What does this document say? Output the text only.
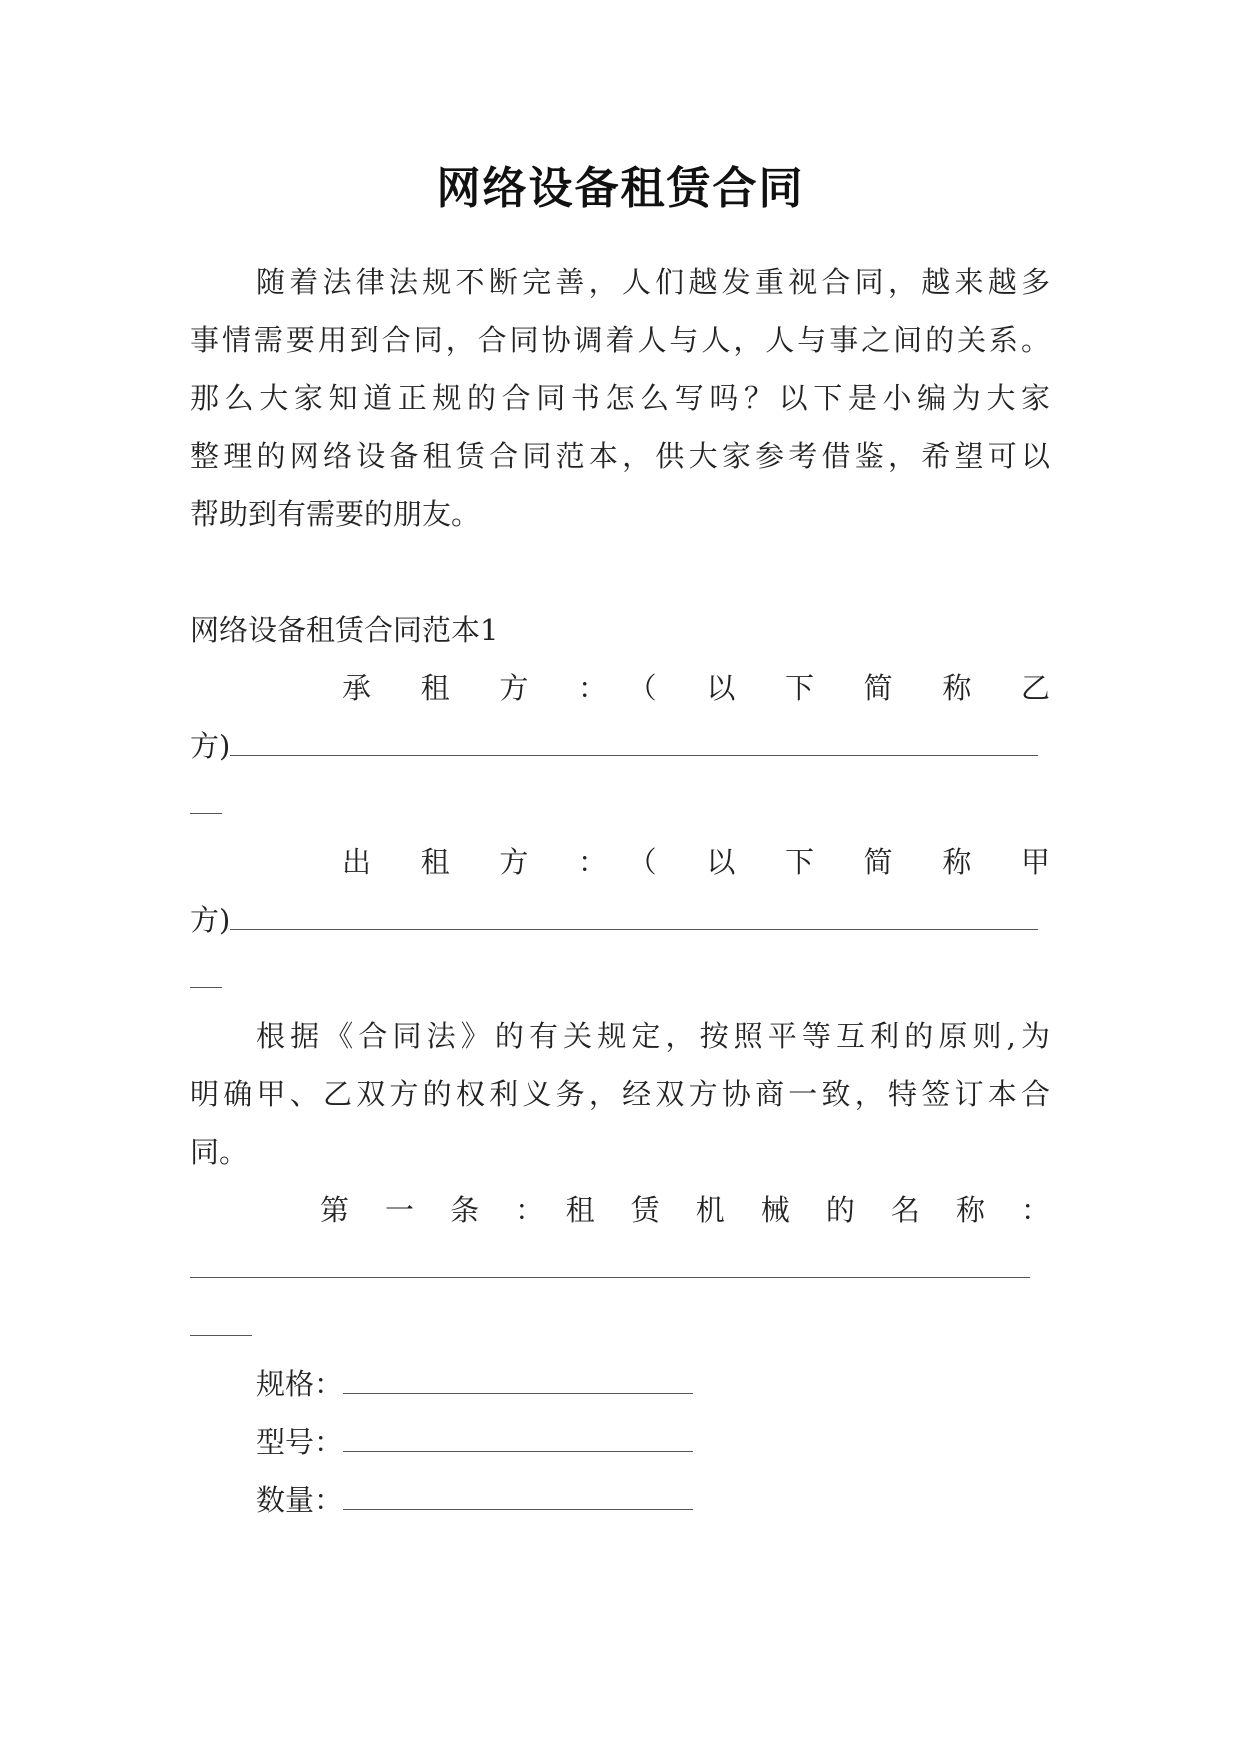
网络设备租赁合同
随着法律法规不断完善，人们越发重视合同，越来越多
事情需要用到合同，合同协调着人与人，人与事之间的关系。
那么大家知道正规的合同书怎么写吗？以下是小编为大家
整理的网络设备租赁合同范本，供大家参考借鉴，希望可以
帮助到有需要的朋友。
网络设备租赁合同范本1
承　租　方　：　（　以　下　简　称　乙
方)
出　租　方　：　（　以　下　简　称　甲
方)
根据《合同法》的有关规定，按照平等互利的原则,为
明确甲、乙双方的权利义务，经双方协商一致，特签订本合
同。
第　一　条　：　租　赁　机　械　的　名　称　：
规格：
型号：
数量：
